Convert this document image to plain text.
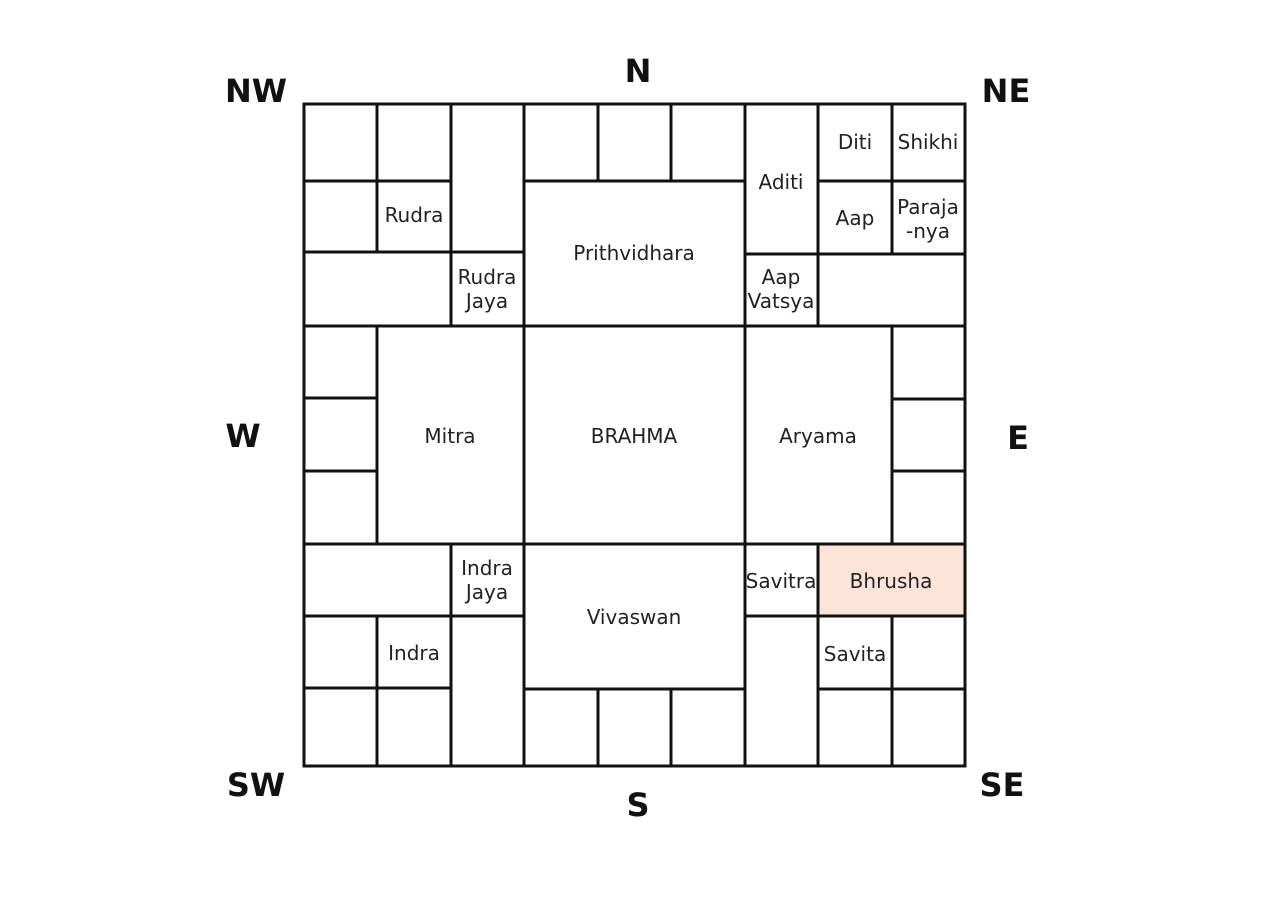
N
S
W	E
NW	NE
SW	SE
Diti Shikhi
Aditi
Aap Paraja
-nya
Rudra
Prithvidhara
Rudra
Jaya
Aap
Vatsya
Mitra	BRAHMA	Aryama
Indra
Jaya
Vivaswan
Savitra Bhrusha
Indra	Savita
